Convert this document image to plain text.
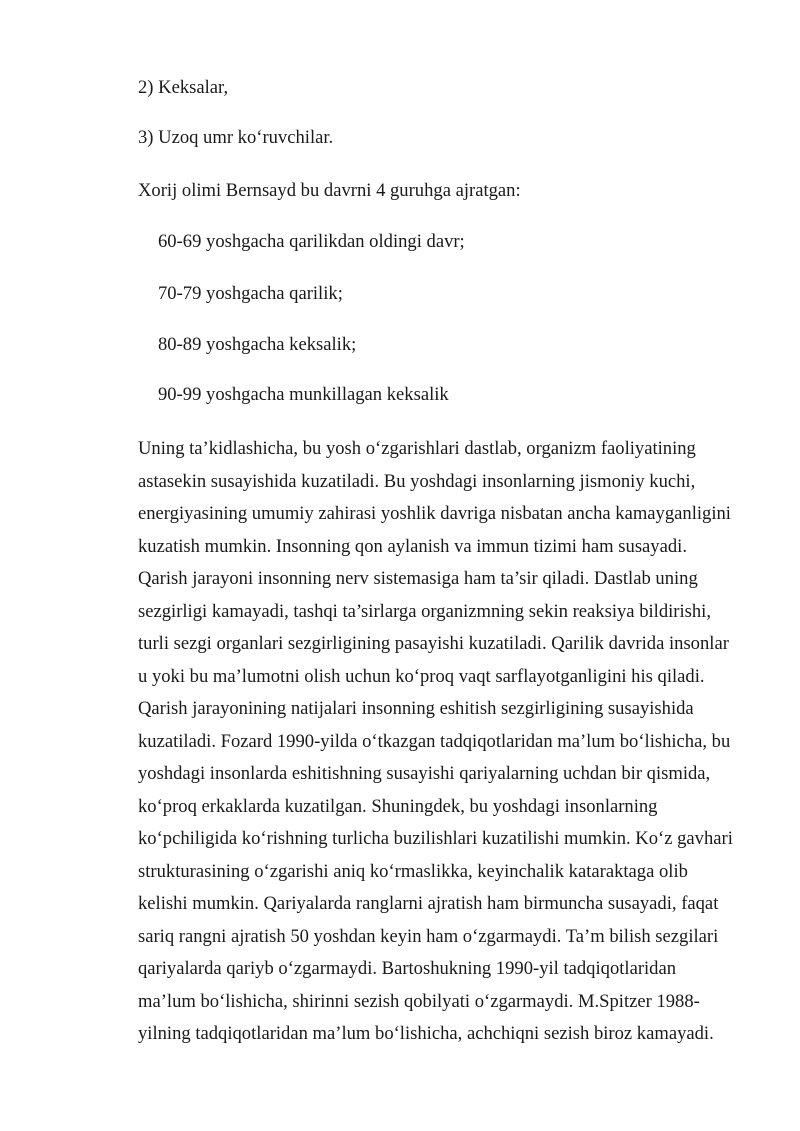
2) Keksalar,
3) Uzoq umr ko‘ruvchilar.
Xorij olimi Bernsayd bu davrni 4 guruhga ajratgan:
60-69 yoshgacha qarilikdan oldingi davr;
70-79 yoshgacha qarilik;
80-89 yoshgacha keksalik;
90-99 yoshgacha munkillagan keksalik

Uning ta’kidlashicha, bu yosh o‘zgarishlari dastlab, organizm faoliyatining
astasekin susayishida kuzatiladi. Bu yoshdagi insonlarning jismoniy kuchi,
energiyasining umumiy zahirasi yoshlik davriga nisbatan ancha kamayganligini
kuzatish mumkin. Insonning qon aylanish va immun tizimi ham susayadi.
Qarish jarayoni insonning nerv sistemasiga ham ta’sir qiladi. Dastlab uning
sezgirligi kamayadi, tashqi ta’sirlarga organizmning sekin reaksiya bildirishi,
turli sezgi organlari sezgirligining pasayishi kuzatiladi. Qarilik davrida insonlar
u yoki bu ma’lumotni olish uchun ko‘proq vaqt sarflayotganligini his qiladi.
Qarish jarayonining natijalari insonning eshitish sezgirligining susayishida
kuzatiladi. Fozard 1990-yilda o‘tkazgan tadqiqotlaridan ma’lum bo‘lishicha, bu
yoshdagi insonlarda eshitishning susayishi qariyalarning uchdan bir qismida,
ko‘proq erkaklarda kuzatilgan. Shuningdek, bu yoshdagi insonlarning
ko‘pchiligida ko‘rishning turlicha buzilishlari kuzatilishi mumkin. Ko‘z gavhari
strukturasining o‘zgarishi aniq ko‘rmaslikka, keyinchalik kataraktaga olib
kelishi mumkin. Qariyalarda ranglarni ajratish ham birmuncha susayadi, faqat
sariq rangni ajratish 50 yoshdan keyin ham o‘zgarmaydi. Ta’m bilish sezgilari
qariyalarda qariyb o‘zgarmaydi. Bartoshukning 1990-yil tadqiqotlaridan
ma’lum bo‘lishicha, shirinni sezish qobilyati o‘zgarmaydi. M.Spitzer 1988-
yilning tadqiqotlaridan ma’lum bo‘lishicha, achchiqni sezish biroz kamayadi.
